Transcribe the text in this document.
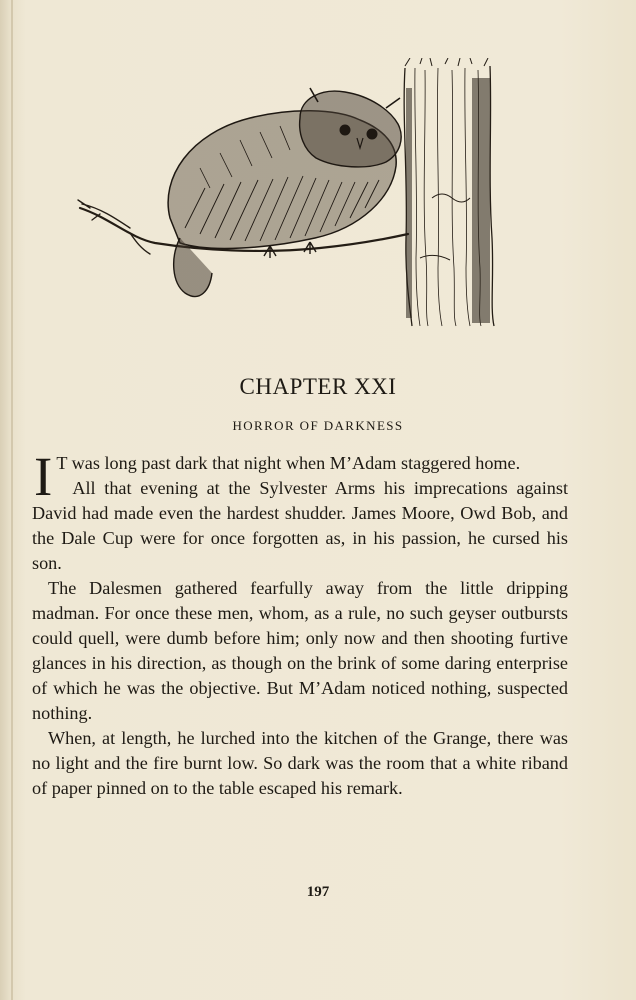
CHAPTER XXI
HORROR OF DARKNESS

I T was long past dark that night when M’Adam staggered home.

All that evening at the Sylvester Arms his imprecations against David had made even the hardest shudder. James Moore, Owd Bob, and the Dale Cup were for once forgotten as, in his passion, he cursed his son.

The Dalesmen gathered fearfully away from the little dripping madman. For once these men, whom, as a rule, no such geyser outbursts could quell, were dumb before him; only now and then shooting furtive glances in his direction, as though on the brink of some daring enterprise of which he was the objective. But M’Adam noticed nothing, suspected nothing.

When, at length, he lurched into the kitchen of the Grange, there was no light and the fire burnt low. So dark was the room that a white riband of paper pinned on to the table escaped his remark.

197
